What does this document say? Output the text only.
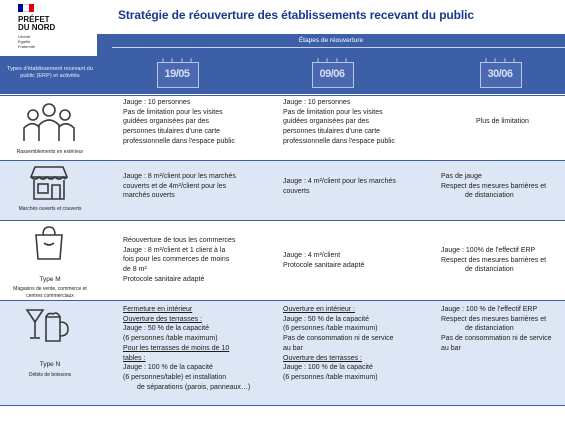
PRÉFET
DU NORD
Liberté
Égalité
Fraternité
Stratégie de réouverture des établissements recevant du public
Types d'établissement recevant du public (ERP) et activités
Étapes de réouverture
19/05	09/06	30/06
Rassemblements en extérieur
Jauge : 10 personnes
Pas de limitation pour les visites
guidées organisées par des
personnes titulaires d'une carte
professionnelle dans l'espace public
Jauge : 10 personnes
Pas de limitation pour les visites
guidées organisées par des
personnes titulaires d'une carte
professionnelle dans l'espace public
Plus de limitation
Marchés ouverts et couverts
Jauge : 8 m²/client pour les marchés
couverts et de 4m²/client pour les
marchés ouverts
Jauge : 4 m²/client pour les marchés
couverts
Pas de jauge
Respect des mesures barrières et
de distanciation
Type M
Magasins de vente, commerce et
centres commerciaux
Réouverture de tous les commerces
Jauge : 8 m²/client et 1 client à la
fois pour les commerces de moins
de 8 m²
Protocole sanitaire adapté
Jauge : 4 m²/client
Protocole sanitaire adapté
Jauge : 100% de l'effectif ERP
Respect des mesures barrières et
de distanciation
Type N
Débits de boissons
Fermeture en intérieur
Ouverture des terrasses :
Jauge : 50 % de la capacité
(6 personnes /table maximum)
Pour les terrasses de moins de 10
tables :
Jauge : 100 % de la capacité
(6 personnes/table) et installation
de séparations (parois, panneaux…)
Ouverture en intérieur :
Jauge : 50 % de la capacité
(6 personnes /table maximum)
Pas de consommation ni de service
au bar
Ouverture des terrasses :
Jauge : 100 % de la capacité
(6 personnes /table maximum)
Jauge : 100 % de l'effectif ERP
Respect des mesures barrières et
de distanciation
Pas de consommation ni de service
au bar
